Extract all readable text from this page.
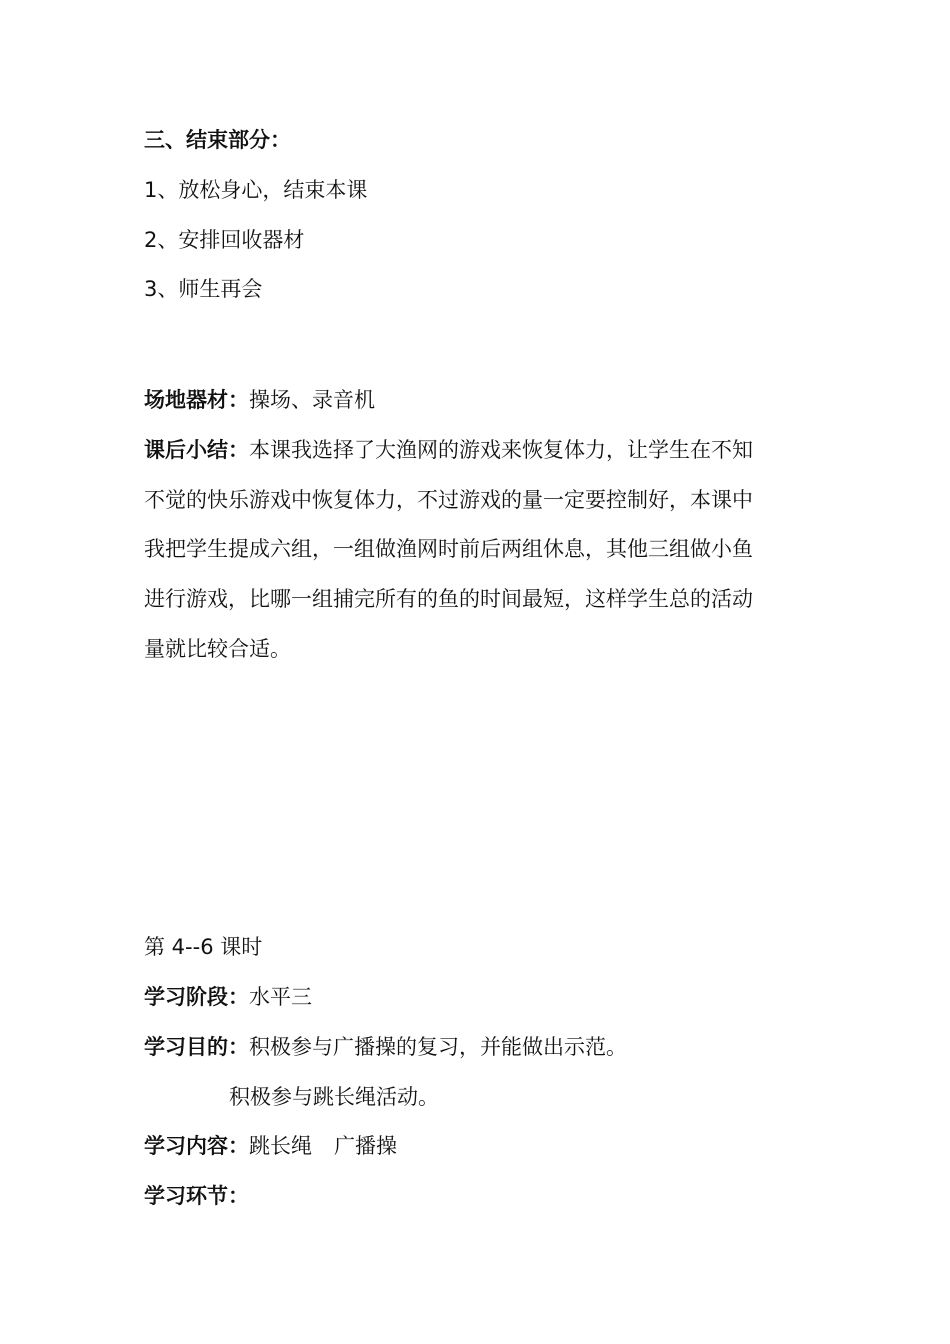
三、结束部分：
1、放松身心，结束本课
2、安排回收器材
3、师生再会
场地器材：操场、录音机
课后小结：本课我选择了大渔网的游戏来恢复体力，让学生在不知
不觉的快乐游戏中恢复体力，不过游戏的量一定要控制好，本课中
我把学生提成六组，一组做渔网时前后两组休息，其他三组做小鱼
进行游戏，比哪一组捕完所有的鱼的时间最短，这样学生总的活动
量就比较合适。
第 4--6 课时
学习阶段：水平三
学习目的：积极参与广播操的复习，并能做出示范。
积极参与跳长绳活动。
学习内容：跳长绳 广播操
学习环节：
